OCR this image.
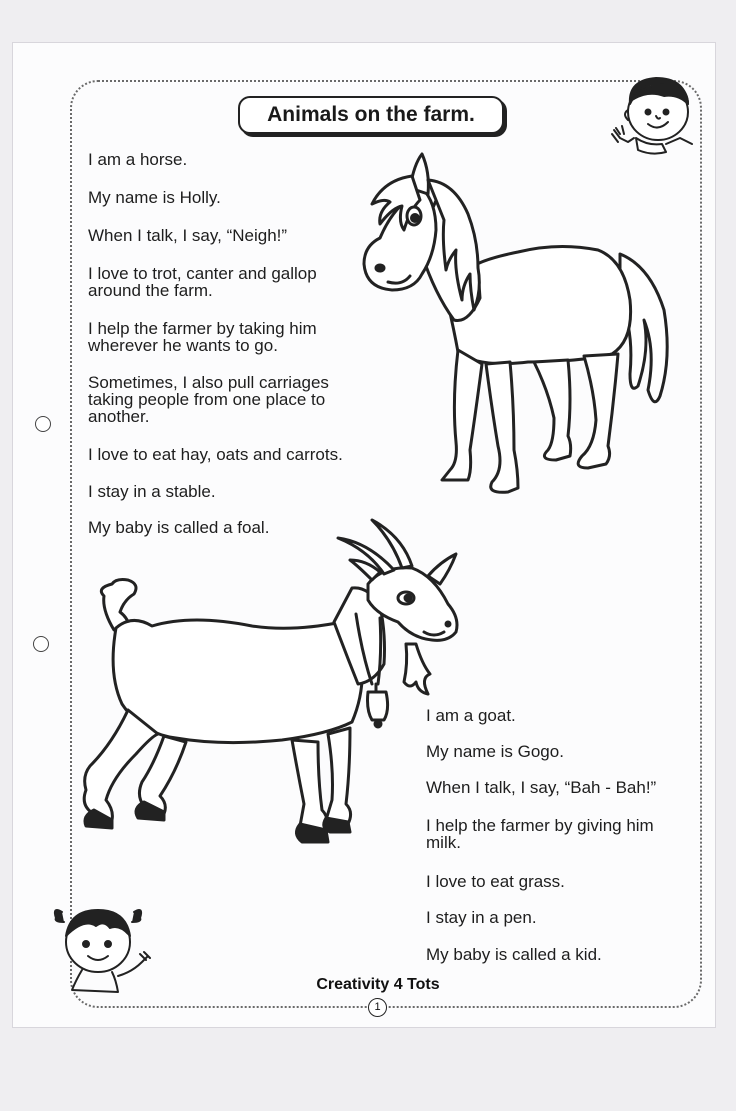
Animals on the farm.
I am a horse.
My name is Holly.
When I talk, I say, “Neigh!”
I love to trot, canter and gallop
around the farm.
I help the farmer by taking him
wherever he wants to go.
Sometimes, I also pull carriages
taking people from one place to
another.
I love to eat hay, oats and carrots.
I stay in a stable.
My baby is called a foal.
I am a goat.
My name is Gogo.
When I talk, I say, “Bah - Bah!”
I help the farmer by giving him
milk.
I love to eat grass.
I stay in a pen.
My baby is called a kid.
Creativity 4 Tots
1
